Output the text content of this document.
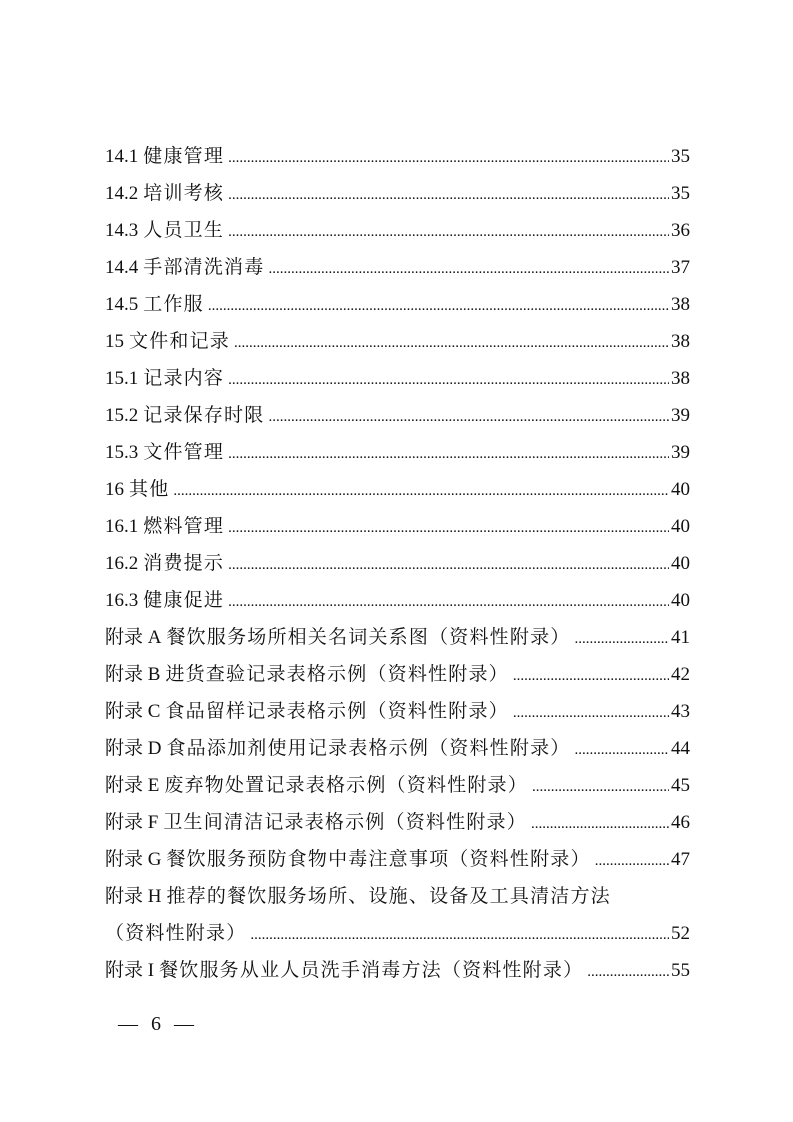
14.1 健康管理 .....	35
14.2 培训考核 .....	35
14.3 人员卫生 .....	36
14.4 手部清洗消毒 .....	37
14.5 工作服 .....	38
15 文件和记录 .....	38
15.1 记录内容 .....	38
15.2 记录保存时限 .....	39
15.3 文件管理 .....	39
16 其他 .....	40
16.1 燃料管理 .....	40
16.2 消费提示 .....	40
16.3 健康促进 .....	40
附录 A 餐饮服务场所相关名词关系图（资料性附录） .....	41
附录 B 进货查验记录表格示例（资料性附录） .....	42
附录 C 食品留样记录表格示例（资料性附录） .....	43
附录 D 食品添加剂使用记录表格示例（资料性附录） .....	44
附录 E 废弃物处置记录表格示例（资料性附录） .....	45
附录 F 卫生间清洁记录表格示例（资料性附录） .....	46
附录 G 餐饮服务预防食物中毒注意事项（资料性附录） .....	47
附录 H 推荐的餐饮服务场所、设施、设备及工具清洁方法
（资料性附录） .....	52
附录 I 餐饮服务从业人员洗手消毒方法（资料性附录） .....	55
— 6 —
